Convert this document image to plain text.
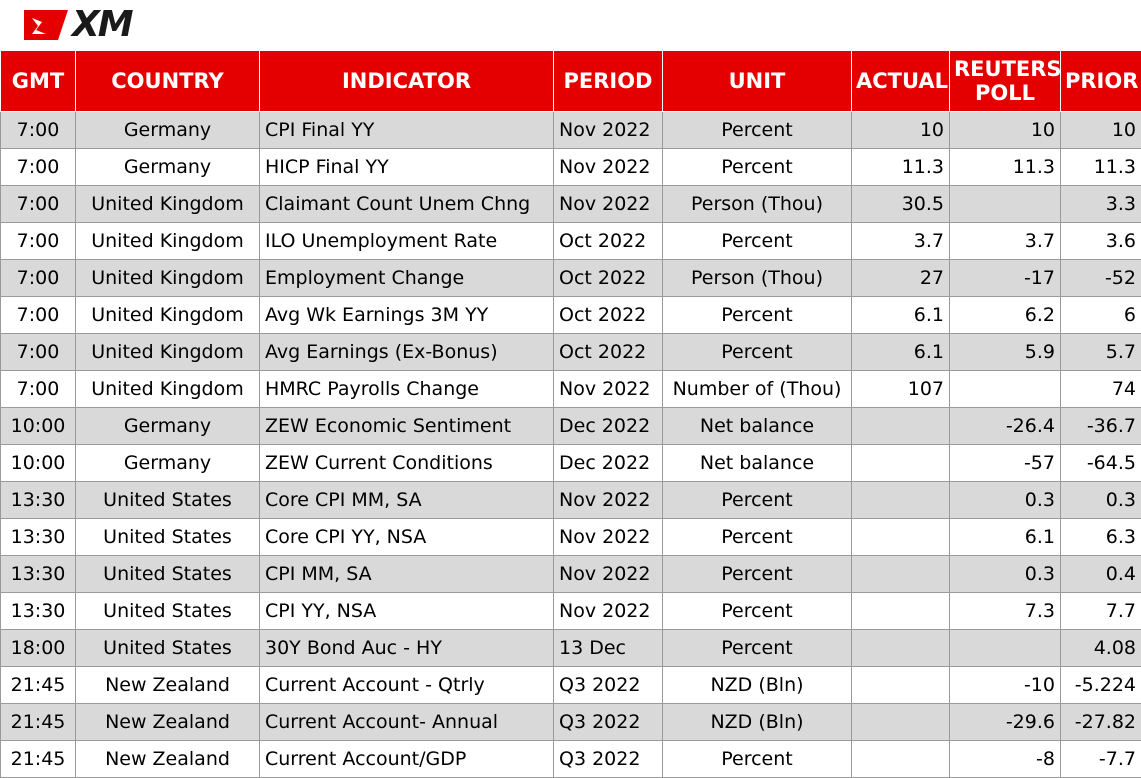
XM
GMT	COUNTRY	INDICATOR	PERIOD	UNIT	ACTUAL	REUTERS
POLL	PRIOR
7:00	Germany	CPI Final YY	Nov 2022	Percent	10	10	10
7:00	Germany	HICP Final YY	Nov 2022	Percent	11.3	11.3	11.3
7:00	United Kingdom	Claimant Count Unem Chng	Nov 2022	Person (Thou)	30.5		3.3
7:00	United Kingdom	ILO Unemployment Rate	Oct 2022	Percent	3.7	3.7	3.6
7:00	United Kingdom	Employment Change	Oct 2022	Person (Thou)	27	-17	-52
7:00	United Kingdom	Avg Wk Earnings 3M YY	Oct 2022	Percent	6.1	6.2	6
7:00	United Kingdom	Avg Earnings (Ex-Bonus)	Oct 2022	Percent	6.1	5.9	5.7
7:00	United Kingdom	HMRC Payrolls Change	Nov 2022	Number of (Thou)	107		74
10:00	Germany	ZEW Economic Sentiment	Dec 2022	Net balance		-26.4	-36.7
10:00	Germany	ZEW Current Conditions	Dec 2022	Net balance		-57	-64.5
13:30	United States	Core CPI MM, SA	Nov 2022	Percent		0.3	0.3
13:30	United States	Core CPI YY, NSA	Nov 2022	Percent		6.1	6.3
13:30	United States	CPI MM, SA	Nov 2022	Percent		0.3	0.4
13:30	United States	CPI YY, NSA	Nov 2022	Percent		7.3	7.7
18:00	United States	30Y Bond Auc - HY	13 Dec	Percent			4.08
21:45	New Zealand	Current Account - Qtrly	Q3 2022	NZD (Bln)		-10	-5.224
21:45	New Zealand	Current Account- Annual	Q3 2022	NZD (Bln)		-29.6	-27.82
21:45	New Zealand	Current Account/GDP	Q3 2022	Percent		-8	-7.7
